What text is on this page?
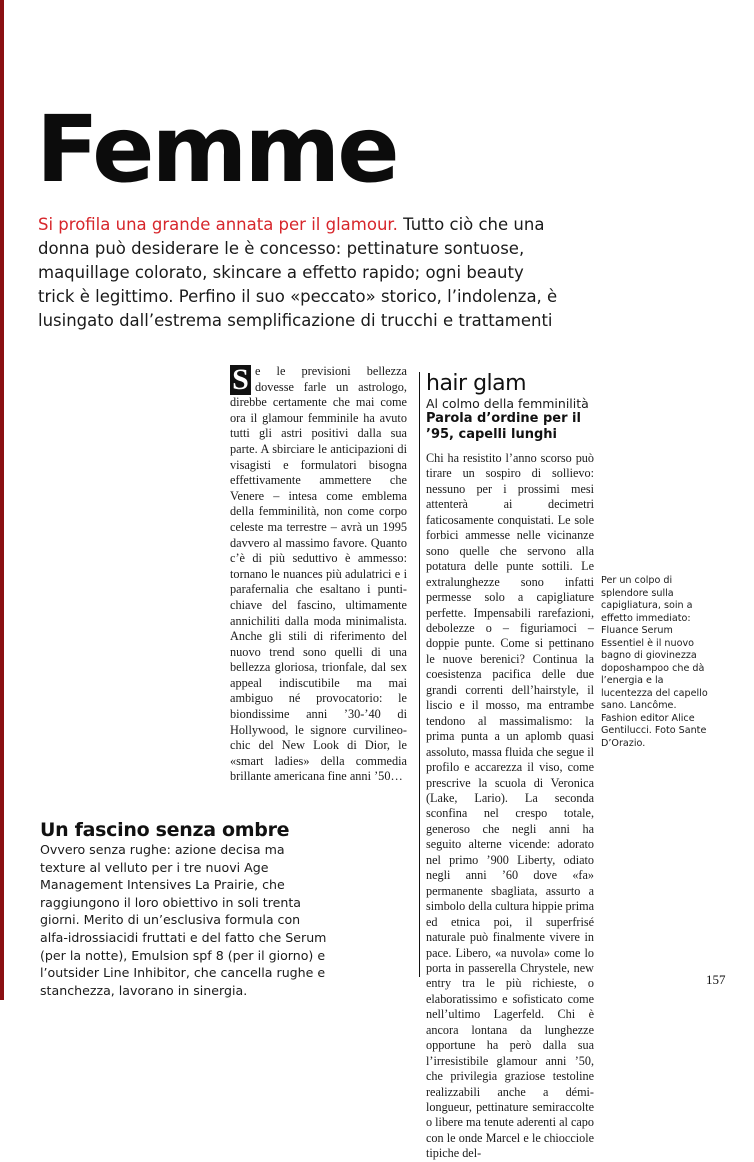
Femme

Si profila una grande annata per il glamour. Tutto ciò che una donna può desiderare le è concesso: pettinature sontuose, maquillage colorato, skincare a effetto rapido; ogni beauty trick è legittimo. Perfino il suo «peccato» storico, l’indolenza, è lusingato dall’estrema semplificazione di trucchi e trattamenti

S e le previsioni bellezza dovesse farle un astrologo, direbbe certamente che mai come ora il glamour femminile ha avuto tutti gli astri positivi dalla sua parte. A sbirciare le anticipazioni di visagisti e formulatori bisogna effettivamente ammettere che Venere – intesa come emblema della femminilità, non come corpo celeste ma terrestre – avrà un 1995 davvero al massimo favore. Quanto c’è di più seduttivo è ammesso: tornano le nuances più adulatrici e i parafernalia che esaltano i punti-chiave del fascino, ultimamente annichiliti dalla moda minimalista. Anche gli stili di riferimento del nuovo trend sono quelli di una bellezza gloriosa, trionfale, dal sex appeal indiscutibile ma mai ambiguo né provocatorio: le biondissime anni ’30-’40 di Hollywood, le signore curvilineo-chic del New Look di Dior, le «smart ladies» della commedia brillante americana fine anni ’50…

hair glam

Al colmo della femminilità

Parola d’ordine per il ’95, capelli lunghi

Chi ha resistito l’anno scorso può tirare un sospiro di sollievo: nessuno per i prossimi mesi attenterà ai decimetri faticosamente conquistati. Le sole forbici ammesse nelle vicinanze sono quelle che servono alla potatura delle punte sottili. Le extralunghezze sono infatti permesse solo a capigliature perfette. Impensabili rarefazioni, debolezze o – figuriamoci – doppie punte. Come si pettinano le nuove berenici? Continua la coesistenza pacifica delle due grandi correnti dell’hairstyle, il liscio e il mosso, ma entrambe tendono al massimalismo: la prima punta a un aplomb quasi assoluto, massa fluida che segue il profilo e accarezza il viso, come prescrive la scuola di Veronica (Lake, Lario). La seconda sconfina nel crespo totale, generoso che negli anni ha seguito alterne vicende: adorato nel primo ’900 Liberty, odiato negli anni ’60 dove «fa» permanente sbagliata, assurto a simbolo della cultura hippie prima ed etnica poi, il superfrisé naturale può finalmente vivere in pace. Libero, «a nuvola» come lo porta in passerella Chrystele, new entry tra le più richieste, o elaboratissimo e sofisticato come nell’ultimo Lagerfeld. Chi è ancora lontana da lunghezze opportune ha però dalla sua l’irresistibile glamour anni ’50, che privilegia graziose testoline realizzabili anche a démi-longueur, pettinature semiraccolte o libere ma tenute aderenti al capo con le onde Marcel e le chiocciole tipiche del-

Per un colpo di splendore sulla capigliatura, soin a effetto immediato: Fluance Serum Essentiel è il nuovo bagno di giovinezza doposhampoo che dà l’energia e la lucentezza del capello sano. Lancôme. Fashion editor Alice Gentilucci. Foto Sante D’Orazio.

Un fascino senza ombre

Ovvero senza rughe: azione decisa ma texture al velluto per i tre nuovi Age Management Intensives La Prairie, che raggiungono il loro obiettivo in soli trenta giorni. Merito di un’esclusiva formula con alfa-idrossiacidi fruttati e del fatto che Serum (per la notte), Emulsion spf 8 (per il giorno) e l’outsider Line Inhibitor, che cancella rughe e stanchezza, lavorano in sinergia.

157
